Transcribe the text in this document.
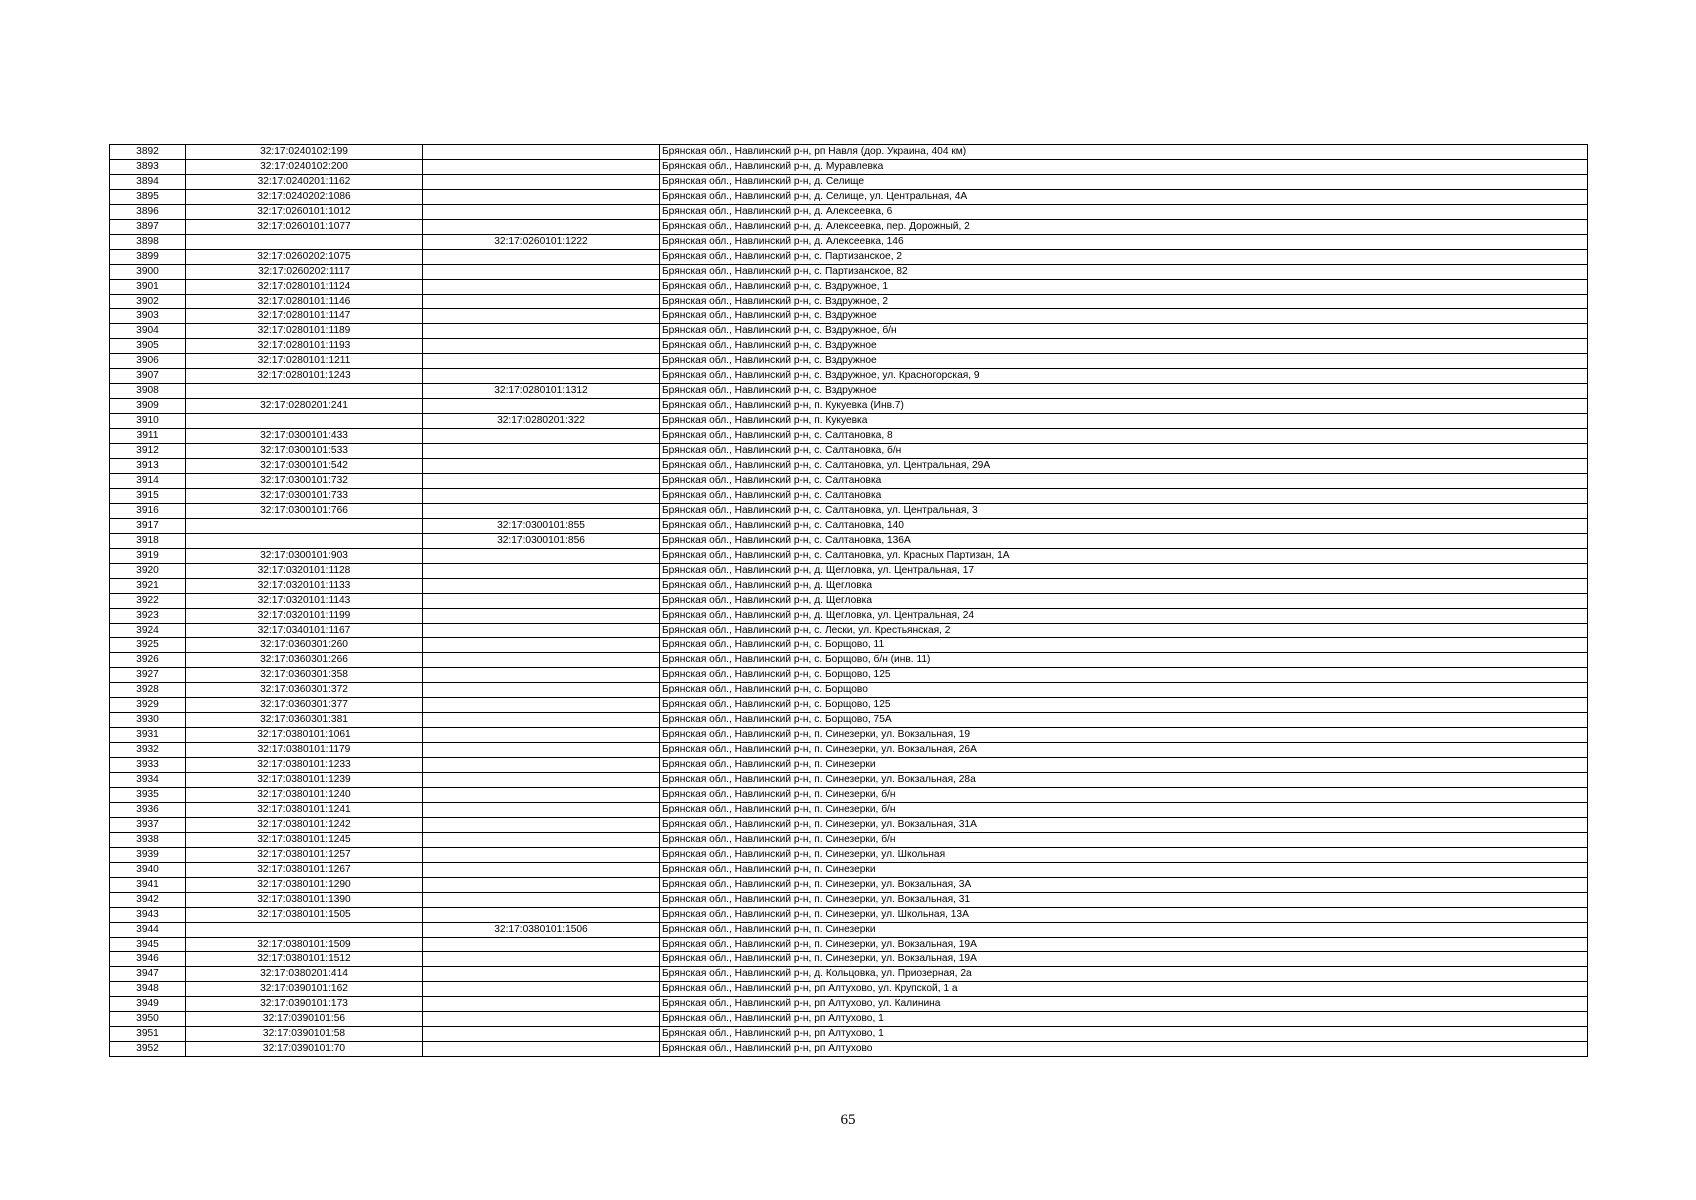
3892	32:17:0240102:199		Брянская обл., Навлинский р-н, рп Навля (дор. Украина, 404 км)
3893	32:17:0240102:200		Брянская обл., Навлинский р-н, д. Муравлевка
3894	32:17:0240201:1162		Брянская обл., Навлинский р-н, д. Селище
3895	32:17:0240202:1086		Брянская обл., Навлинский р-н, д. Селище, ул. Центральная, 4А
3896	32:17:0260101:1012		Брянская обл., Навлинский р-н, д. Алексеевка, 6
3897	32:17:0260101:1077		Брянская обл., Навлинский р-н, д. Алексеевка, пер. Дорожный, 2
3898		32:17:0260101:1222	Брянская обл., Навлинский р-н, д. Алексеевка, 146
3899	32:17:0260202:1075		Брянская обл., Навлинский р-н, с. Партизанское, 2
3900	32:17:0260202:1117		Брянская обл., Навлинский р-н, с. Партизанское, 82
3901	32:17:0280101:1124		Брянская обл., Навлинский р-н, с. Вздружное, 1
3902	32:17:0280101:1146		Брянская обл., Навлинский р-н, с. Вздружное, 2
3903	32:17:0280101:1147		Брянская обл., Навлинский р-н, с. Вздружное
3904	32:17:0280101:1189		Брянская обл., Навлинский р-н, с. Вздружное, б/н
3905	32:17:0280101:1193		Брянская обл., Навлинский р-н, с. Вздружное
3906	32:17:0280101:1211		Брянская обл., Навлинский р-н, с. Вздружное
3907	32:17:0280101:1243		Брянская обл., Навлинский р-н, с. Вздружное, ул. Красногорская, 9
3908		32:17:0280101:1312	Брянская обл., Навлинский р-н, с. Вздружное
3909	32:17:0280201:241		Брянская обл., Навлинский р-н, п. Кукуевка (Инв.7)
3910		32:17:0280201:322	Брянская обл., Навлинский р-н, п. Кукуевка
3911	32:17:0300101:433		Брянская обл., Навлинский р-н, с. Салтановка, 8
3912	32:17:0300101:533		Брянская обл., Навлинский р-н, с. Салтановка, б/н
3913	32:17:0300101:542		Брянская обл., Навлинский р-н, с. Салтановка, ул. Центральная, 29А
3914	32:17:0300101:732		Брянская обл., Навлинский р-н, с. Салтановка
3915	32:17:0300101:733		Брянская обл., Навлинский р-н, с. Салтановка
3916	32:17:0300101:766		Брянская обл., Навлинский р-н, с. Салтановка, ул. Центральная, 3
3917		32:17:0300101:855	Брянская обл., Навлинский р-н, с. Салтановка, 140
3918		32:17:0300101:856	Брянская обл., Навлинский р-н, с. Салтановка, 136А
3919	32:17:0300101:903		Брянская обл., Навлинский р-н, с. Салтановка, ул. Красных Партизан, 1А
3920	32:17:0320101:1128		Брянская обл., Навлинский р-н, д. Щегловка, ул. Центральная, 17
3921	32:17:0320101:1133		Брянская обл., Навлинский р-н, д. Щегловка
3922	32:17:0320101:1143		Брянская обл., Навлинский р-н, д. Щегловка
3923	32:17:0320101:1199		Брянская обл., Навлинский р-н, д. Щегловка, ул. Центральная, 24
3924	32:17:0340101:1167		Брянская обл., Навлинский р-н, с. Лески, ул. Крестьянская, 2
3925	32:17:0360301:260		Брянская обл., Навлинский р-н, с. Борщово, 11
3926	32:17:0360301:266		Брянская обл., Навлинский р-н, с. Борщово, б/н (инв. 11)
3927	32:17:0360301:358		Брянская обл., Навлинский р-н, с. Борщово, 125
3928	32:17:0360301:372		Брянская обл., Навлинский р-н, с. Борщово
3929	32:17:0360301:377		Брянская обл., Навлинский р-н, с. Борщово, 125
3930	32:17:0360301:381		Брянская обл., Навлинский р-н, с. Борщово, 75А
3931	32:17:0380101:1061		Брянская обл., Навлинский р-н, п. Синезерки, ул. Вокзальная, 19
3932	32:17:0380101:1179		Брянская обл., Навлинский р-н, п. Синезерки, ул. Вокзальная, 26А
3933	32:17:0380101:1233		Брянская обл., Навлинский р-н, п. Синезерки
3934	32:17:0380101:1239		Брянская обл., Навлинский р-н, п. Синезерки, ул. Вокзальная, 28а
3935	32:17:0380101:1240		Брянская обл., Навлинский р-н, п. Синезерки, б/н
3936	32:17:0380101:1241		Брянская обл., Навлинский р-н, п. Синезерки, б/н
3937	32:17:0380101:1242		Брянская обл., Навлинский р-н, п. Синезерки, ул. Вокзальная, 31А
3938	32:17:0380101:1245		Брянская обл., Навлинский р-н, п. Синезерки, б/н
3939	32:17:0380101:1257		Брянская обл., Навлинский р-н, п. Синезерки, ул. Школьная
3940	32:17:0380101:1267		Брянская обл., Навлинский р-н, п. Синезерки
3941	32:17:0380101:1290		Брянская обл., Навлинский р-н, п. Синезерки, ул. Вокзальная, 3А
3942	32:17:0380101:1390		Брянская обл., Навлинский р-н, п. Синезерки, ул. Вокзальная, 31
3943	32:17:0380101:1505		Брянская обл., Навлинский р-н, п. Синезерки, ул. Школьная, 13А
3944		32:17:0380101:1506	Брянская обл., Навлинский р-н, п. Синезерки
3945	32:17:0380101:1509		Брянская обл., Навлинский р-н, п. Синезерки, ул. Вокзальная, 19А
3946	32:17:0380101:1512		Брянская обл., Навлинский р-н, п. Синезерки, ул. Вокзальная, 19А
3947	32:17:0380201:414		Брянская обл., Навлинский р-н, д. Кольцовка, ул. Приозерная, 2а
3948	32:17:0390101:162		Брянская обл., Навлинский р-н, рп Алтухово, ул. Крупской, 1 а
3949	32:17:0390101:173		Брянская обл., Навлинский р-н, рп Алтухово, ул. Калинина
3950	32:17:0390101:56		Брянская обл., Навлинский р-н, рп Алтухово, 1
3951	32:17:0390101:58		Брянская обл., Навлинский р-н, рп Алтухово, 1
3952	32:17:0390101:70		Брянская обл., Навлинский р-н, рп Алтухово
65
